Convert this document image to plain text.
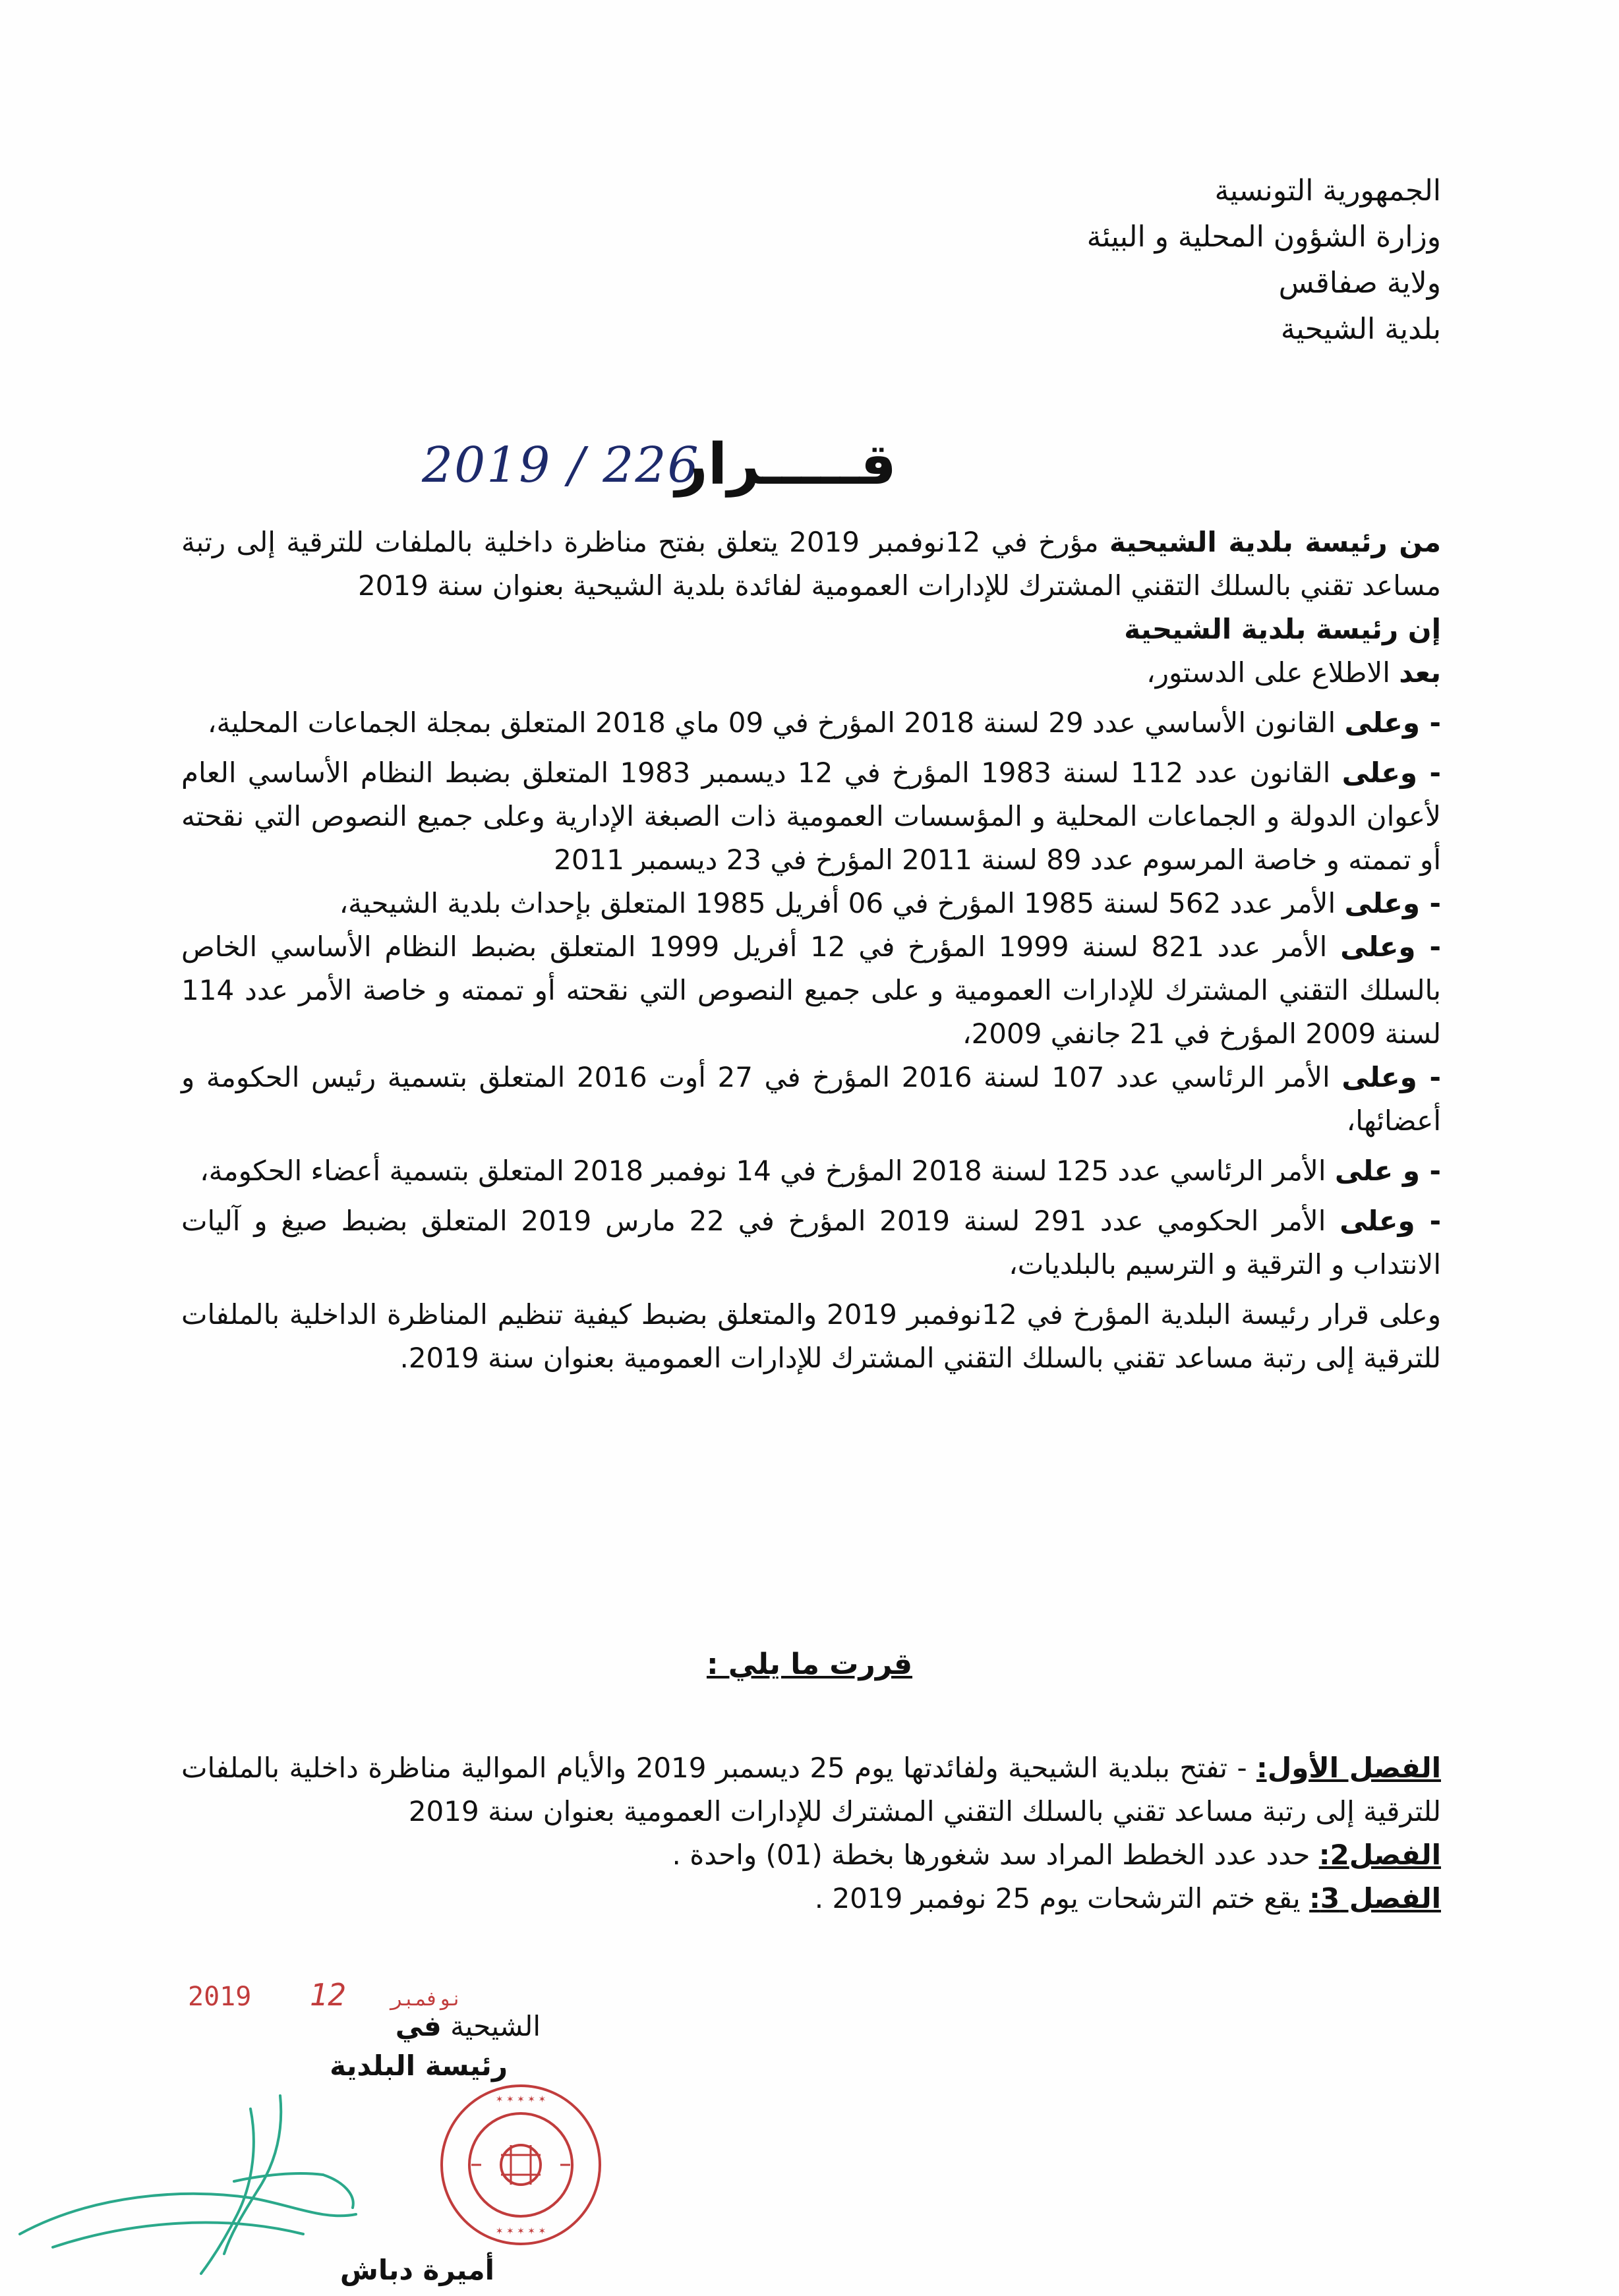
الجمهورية التونسية
وزارة الشؤون المحلية و البيئة
ولاية صفاقس
بلدية الشيحية
2019 / 226
قـــــرار

من رئيسة بلدية الشيحية مؤرخ في 12نوفمبر 2019 يتعلق بفتح مناظرة داخلية بالملفات للترقية إلى رتبة مساعد تقني بالسلك التقني المشترك للإدارات العمومية لفائدة بلدية الشيحية بعنوان سنة 2019

إن رئيسة بلدية الشيحية

بعد الاطلاع على الدستور،

- وعلى القانون الأساسي عدد 29 لسنة 2018 المؤرخ في 09 ماي 2018 المتعلق بمجلة الجماعات المحلية،

- وعلى القانون عدد 112 لسنة 1983 المؤرخ في 12 ديسمبر 1983 المتعلق بضبط النظام الأساسي العام لأعوان الدولة و الجماعات المحلية و المؤسسات العمومية ذات الصبغة الإدارية وعلى جميع النصوص التي نقحته أو تممته و خاصة المرسوم عدد 89 لسنة 2011 المؤرخ في 23 ديسمبر 2011

- وعلى الأمر عدد 562 لسنة 1985 المؤرخ في 06 أفريل 1985 المتعلق بإحداث بلدية الشيحية،

- وعلى الأمر عدد 821 لسنة 1999 المؤرخ في 12 أفريل 1999 المتعلق بضبط النظام الأساسي الخاص بالسلك التقني المشترك للإدارات العمومية و على جميع النصوص التي نقحته أو تممته و خاصة الأمر عدد 114 لسنة 2009 المؤرخ في 21 جانفي 2009،

- وعلى الأمر الرئاسي عدد 107 لسنة 2016 المؤرخ في 27 أوت 2016 المتعلق بتسمية رئيس الحكومة و أعضائها،

- و على الأمر الرئاسي عدد 125 لسنة 2018 المؤرخ في 14 نوفمبر 2018 المتعلق بتسمية أعضاء الحكومة،

- وعلى الأمر الحكومي عدد 291 لسنة 2019 المؤرخ في 22 مارس 2019 المتعلق بضبط صيغ و آليات الانتداب و الترقية و الترسيم بالبلديات،

وعلى قرار رئيسة البلدية المؤرخ في 12نوفمبر 2019 والمتعلق بضبط كيفية تنظيم المناظرة الداخلية بالملفات للترقية إلى رتبة مساعد تقني بالسلك التقني المشترك للإدارات العمومية بعنوان سنة 2019.

قررت ما يلي :

الفصل الأول: - تفتح ببلدية الشيحية ولفائدتها يوم 25 ديسمبر 2019 والأيام الموالية مناظرة داخلية بالملفات للترقية إلى رتبة مساعد تقني بالسلك التقني المشترك للإدارات العمومية بعنوان سنة 2019

الفصل2: حدد عدد الخطط المراد سد شغورها بخطة (01) واحدة .

الفصل 3: يقع ختم الترشحات يوم 25 نوفمبر 2019 .

2019	نوفمبر  12
الشيحية في
رئيسة البلدية
✶ ✶ ✶ ✶ ✶
✶ ✶ ✶ ✶ ✶
أميرة دباش
